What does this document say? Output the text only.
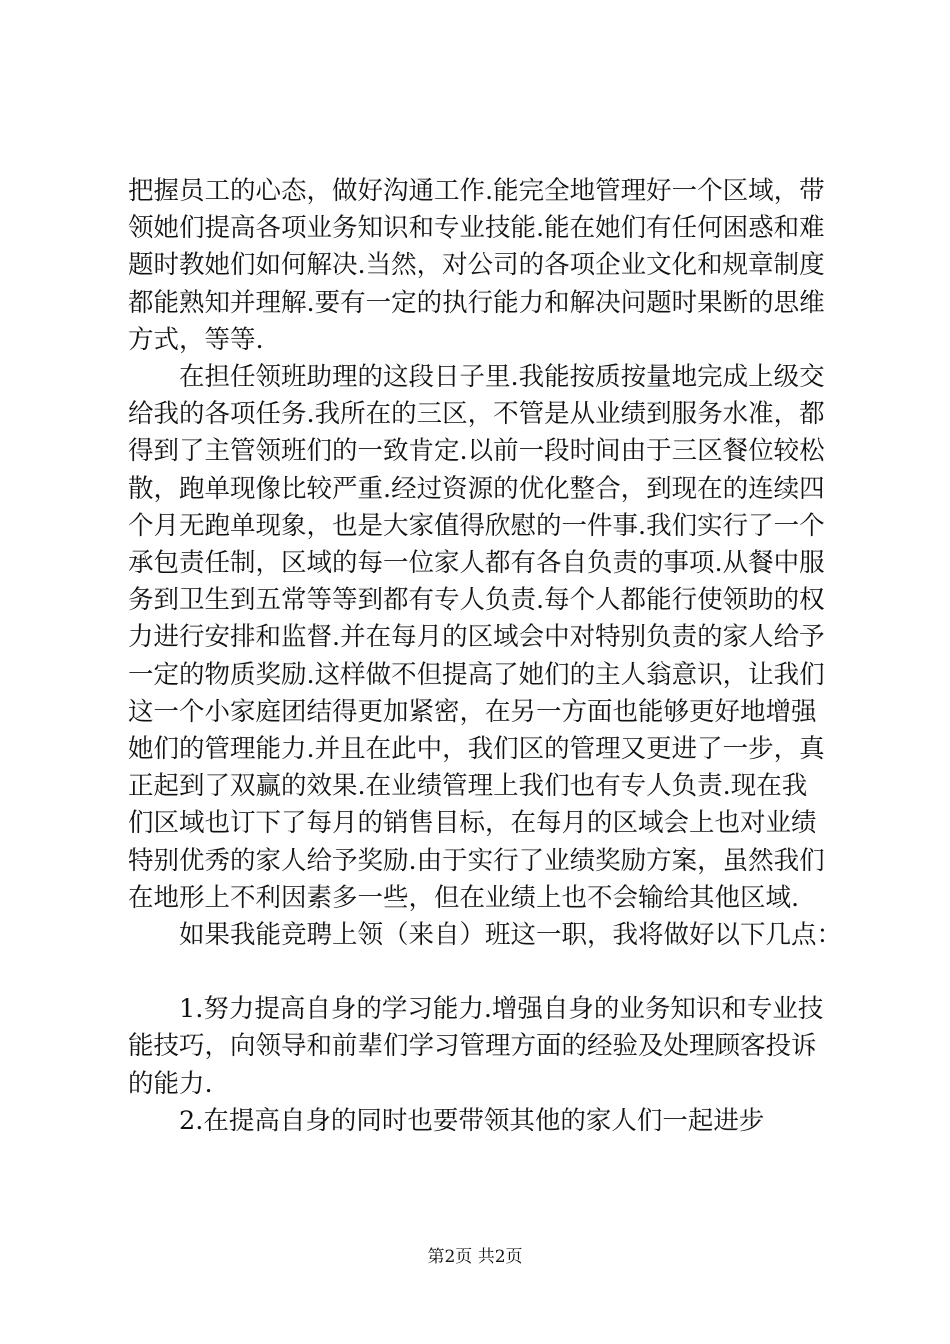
把握员工的心态，做好沟通工作.能完全地管理好一个区域，带

领她们提高各项业务知识和专业技能.能在她们有任何困惑和难

题时教她们如何解决.当然，对公司的各项企业文化和规章制度

都能熟知并理解.要有一定的执行能力和解决问题时果断的思维

方式，等等.

在担任领班助理的这段日子里.我能按质按量地完成上级交

给我的各项任务.我所在的三区，不管是从业绩到服务水准，都

得到了主管领班们的一致肯定.以前一段时间由于三区餐位较松

散，跑单现像比较严重.经过资源的优化整合，到现在的连续四

个月无跑单现象，也是大家值得欣慰的一件事.我们实行了一个

承包责任制，区域的每一位家人都有各自负责的事项.从餐中服

务到卫生到五常等等到都有专人负责.每个人都能行使领助的权

力进行安排和监督.并在每月的区域会中对特别负责的家人给予

一定的物质奖励.这样做不但提高了她们的主人翁意识，让我们

这一个小家庭团结得更加紧密，在另一方面也能够更好地增强

她们的管理能力.并且在此中，我们区的管理又更进了一步，真

正起到了双赢的效果.在业绩管理上我们也有专人负责.现在我

们区域也订下了每月的销售目标，在每月的区域会上也对业绩

特别优秀的家人给予奖励.由于实行了业绩奖励方案，虽然我们

在地形上不利因素多一些，但在业绩上也不会输给其他区域.

如果我能竞聘上领（来自）班这一职，我将做好以下几点：

1.努力提高自身的学习能力.增强自身的业务知识和专业技

能技巧，向领导和前辈们学习管理方面的经验及处理顾客投诉

的能力.

2.在提高自身的同时也要带领其他的家人们一起进步

第2页 共2页
